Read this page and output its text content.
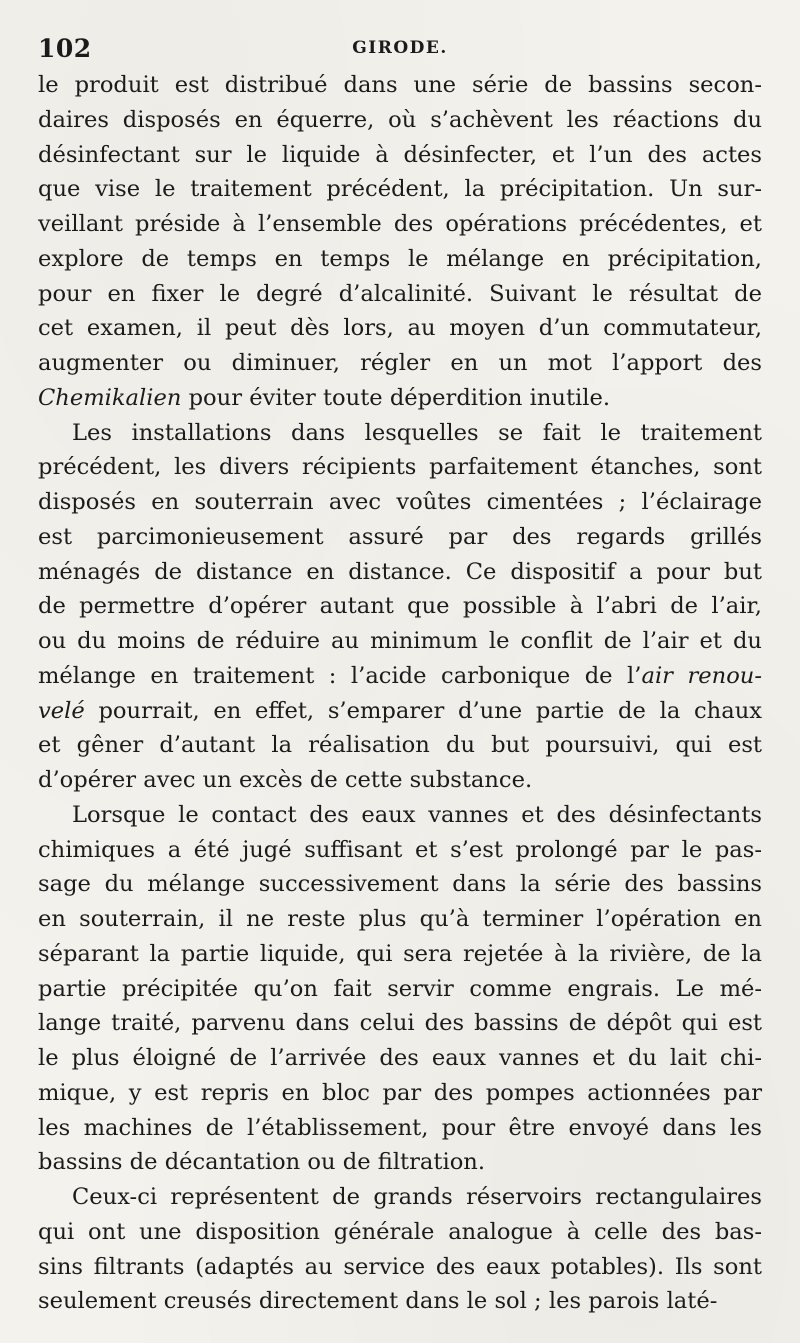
102	GIRODE.

le produit est distribué dans une série de bassins secon-
daires disposés en équerre, où s’achèvent les réactions du
désinfectant sur le liquide à désinfecter, et l’un des actes
que vise le traitement précédent, la précipitation. Un sur-
veillant préside à l’ensemble des opérations précédentes, et
explore de temps en temps le mélange en précipitation,
pour en fixer le degré d’alcalinité. Suivant le résultat de
cet examen, il peut dès lors, au moyen d’un commutateur,
augmenter ou diminuer, régler en un mot l’apport des
Chemikalien pour éviter toute déperdition inutile.

Les installations dans lesquelles se fait le traitement
précédent, les divers récipients parfaitement étanches, sont
disposés en souterrain avec voûtes cimentées ; l’éclairage
est parcimonieusement assuré par des regards grillés
ménagés de distance en distance. Ce dispositif a pour but
de permettre d’opérer autant que possible à l’abri de l’air,
ou du moins de réduire au minimum le conflit de l’air et du
mélange en traitement : l’acide carbonique de l’air renou-
velé pourrait, en effet, s’emparer d’une partie de la chaux
et gêner d’autant la réalisation du but poursuivi, qui est
d’opérer avec un excès de cette substance.

Lorsque le contact des eaux vannes et des désinfectants
chimiques a été jugé suffisant et s’est prolongé par le pas-
sage du mélange successivement dans la série des bassins
en souterrain, il ne reste plus qu’à terminer l’opération en
séparant la partie liquide, qui sera rejetée à la rivière, de la
partie précipitée qu’on fait servir comme engrais. Le mé-
lange traité, parvenu dans celui des bassins de dépôt qui est
le plus éloigné de l’arrivée des eaux vannes et du lait chi-
mique, y est repris en bloc par des pompes actionnées par
les machines de l’établissement, pour être envoyé dans les
bassins de décantation ou de filtration.

Ceux-ci représentent de grands réservoirs rectangulaires
qui ont une disposition générale analogue à celle des bas-
sins filtrants (adaptés au service des eaux potables). Ils sont
seulement creusés directement dans le sol ; les parois laté-
